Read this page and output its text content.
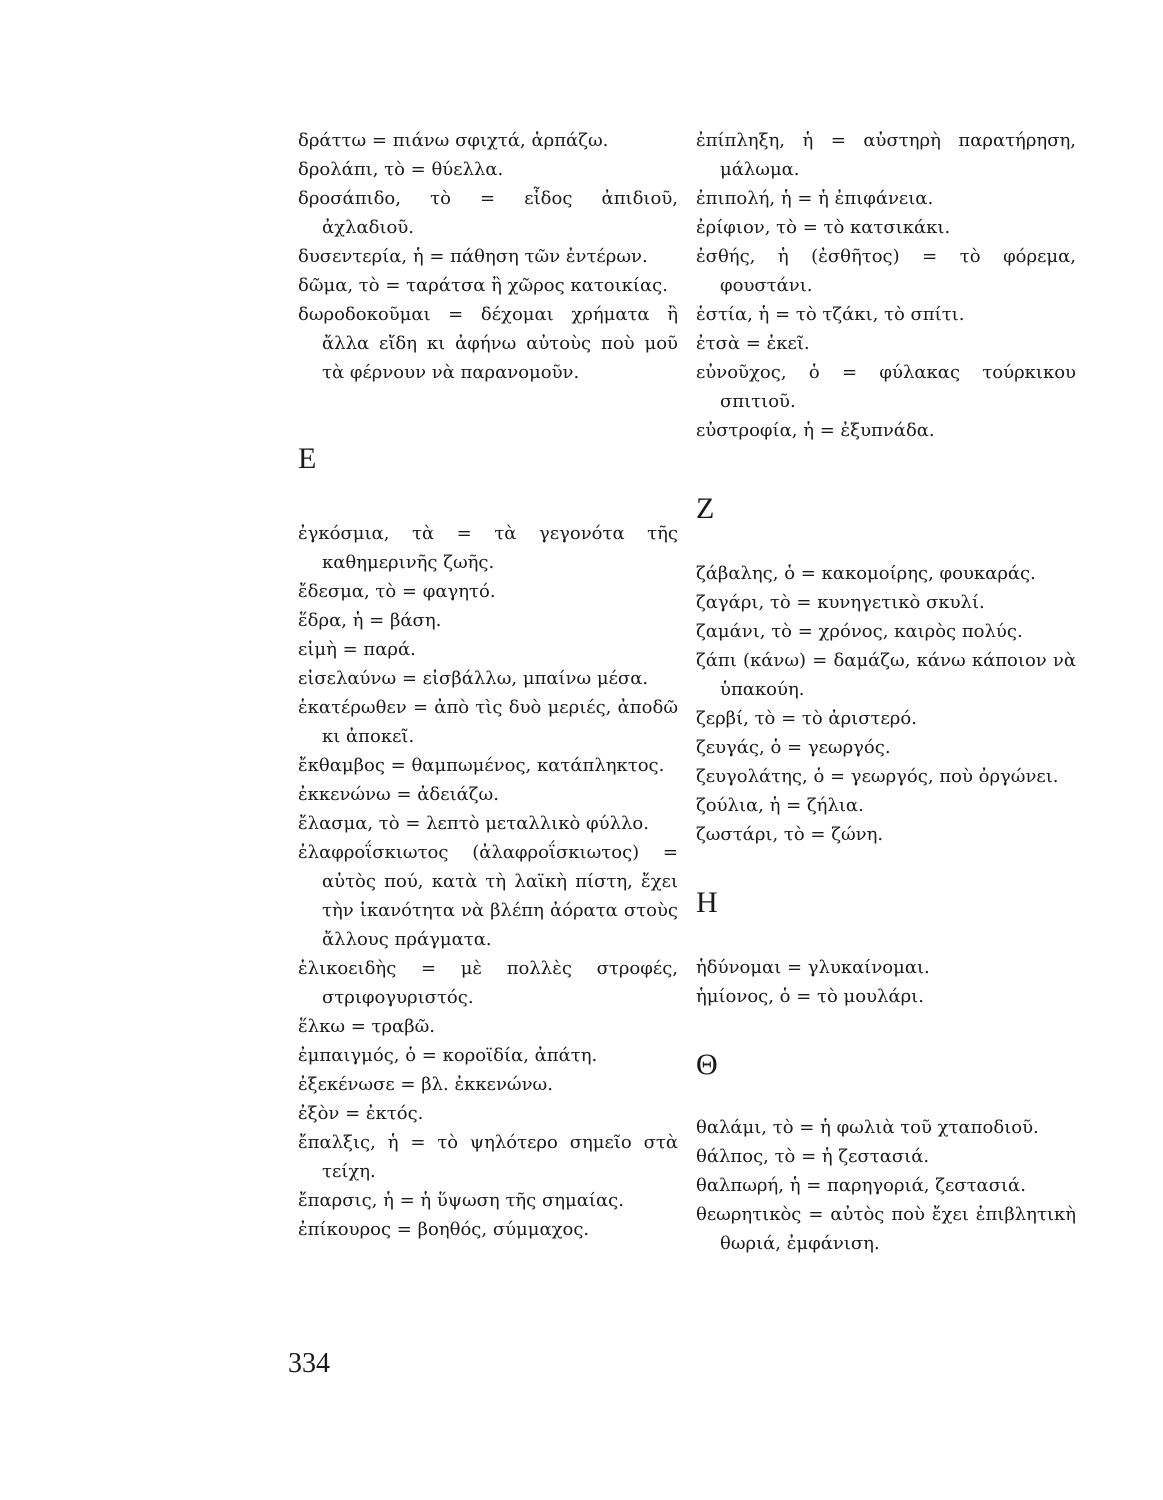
δράττω = πιάνω σφιχτά, ἁρπάζω.

δρολάπι, τὸ = θύελλα.

δροσάπιδο, τὸ = εἶδος ἀπιδιοῦ, ἀχλαδιοῦ.

δυσεντερία, ἡ = πάθηση τῶν ἐντέρων.

δῶμα, τὸ = ταράτσα ἢ χῶρος κατοικίας.

δωροδοκοῦμαι = δέχομαι χρήματα ἢ ἄλλα εἴδη κι ἀφήνω αὐτοὺς ποὺ μοῦ τὰ φέρνουν νὰ παρανομοῦν.

Ε

ἐγκόσμια, τὰ = τὰ γεγονότα τῆς καθημερινῆς ζωῆς.

ἔδεσμα, τὸ = φαγητό.

ἕδρα, ἡ = βάση.

εἰμὴ = παρά.

εἰσελαύνω = εἰσβάλλω, μπαίνω μέσα.

ἑκατέρωθεν = ἀπὸ τὶς δυὸ μεριές, ἀποδῶ κι ἀποκεῖ.

ἔκθαμβος = θαμπωμένος, κατάπληκτος.

ἐκκενώνω = ἀδειάζω.

ἔλασμα, τὸ = λεπτὸ μεταλλικὸ φύλλο.

ἐλαφροΐσκιωτος (ἀλαφροΐσκιωτος) = αὐτὸς πού, κατὰ τὴ λαϊκὴ πίστη, ἔχει τὴν ἱκανότητα νὰ βλέπη ἀόρατα στοὺς ἄλλους πράγματα.

ἑλικοειδὴς = μὲ πολλὲς στροφές, στριφογυριστός.

ἕλκω = τραβῶ.

ἐμπαιγμός, ὁ = κοροϊδία, ἀπάτη.

ἐξεκένωσε = βλ. ἐκκενώνω.

ἐξὸν = ἐκτός.

ἔπαλξις, ἡ = τὸ ψηλότερο σημεῖο στὰ τείχη.

ἔπαρσις, ἡ = ἡ ὕψωση τῆς σημαίας.

ἐπίκουρος = βοηθός, σύμμαχος.

ἐπίπληξη, ἡ = αὐστηρὴ παρατήρηση, μάλωμα.

ἐπιπολή, ἡ = ἡ ἐπιφάνεια.

ἐρίφιον, τὸ = τὸ κατσικάκι.

ἐσθής, ἡ (ἐσθῆτος) = τὸ φόρεμα, φουστάνι.

ἑστία, ἡ = τὸ τζάκι, τὸ σπίτι.

ἐτσὰ = ἐκεῖ.

εὐνοῦχος, ὁ = φύλακας τούρκικου σπιτιοῦ.

εὐστροφία, ἡ = ἐξυπνάδα.

Ζ

ζάβαλης, ὁ = κακομοίρης, φουκαράς.

ζαγάρι, τὸ = κυνηγετικὸ σκυλί.

ζαμάνι, τὸ = χρόνος, καιρὸς πολύς.

ζάπι (κάνω) = δαμάζω, κάνω κάποιον νὰ ὑπακούη.

ζερβί, τὸ = τὸ ἀριστερό.

ζευγάς, ὁ = γεωργός.

ζευγολάτης, ὁ = γεωργός, ποὺ ὀργώνει.

ζούλια, ἡ = ζήλια.

ζωστάρι, τὸ = ζώνη.

Η

ἡδύνομαι = γλυκαίνομαι.

ἡμίονος, ὁ = τὸ μουλάρι.

Θ

θαλάμι, τὸ = ἡ φωλιὰ τοῦ χταποδιοῦ.

θάλπος, τὸ = ἡ ζεστασιά.

θαλπωρή, ἡ = παρηγοριά, ζεστασιά.

θεωρητικὸς = αὐτὸς ποὺ ἔχει ἐπιβλητικὴ θωριά, ἐμφάνιση.

334
